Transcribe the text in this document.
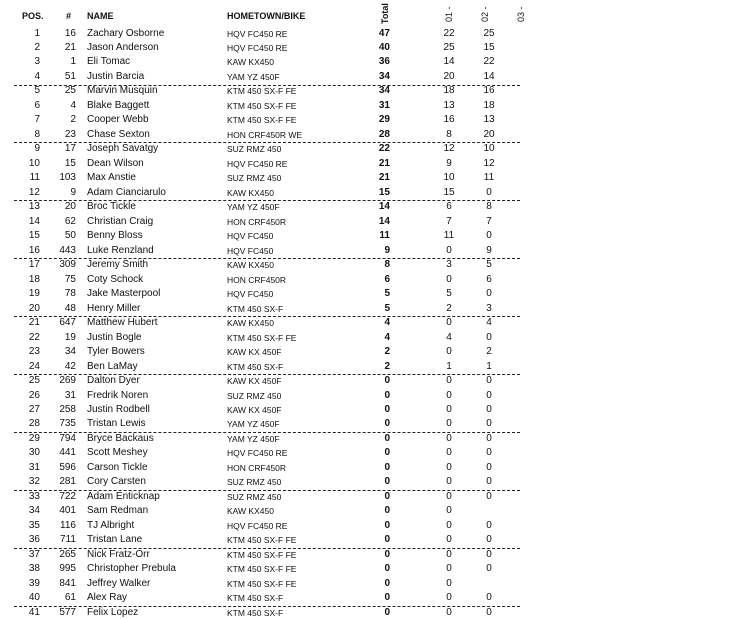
POS. # NAME	HOMETOWN/BIKE	Total	01 -	02 -	03 -
1	16 Zachary Osborne	HQV FC450 RE	47	22	25
2	21 Jason Anderson	HQV FC450 RE	40	25	15
3	1 Eli Tomac	KAW KX450	36	14	22
4	51 Justin Barcia	YAM YZ 450F	34	20	14
5	25 Marvin Musquin	KTM 450 SX-F FE	34	18	16
6	4 Blake Baggett	KTM 450 SX-F FE	31	13	18
7	2 Cooper Webb	KTM 450 SX-F FE	29	16	13
8	23 Chase Sexton	HON CRF450R WE	28	8	20
9	17 Joseph Savatgy	SUZ RMZ 450	22	12	10
10	15 Dean Wilson	HQV FC450 RE	21	9	12
11	103 Max Anstie	SUZ RMZ 450	21	10	11
12	9 Adam Cianciarulo	KAW KX450	15	15	0
13	20 Broc Tickle	YAM YZ 450F	14	6	8
14	62 Christian Craig	HON CRF450R	14	7	7
15	50 Benny Bloss	HQV FC450	11	11	0
16	443 Luke Renzland	HQV FC450	9	0	9
17	309 Jeremy Smith	KAW KX450	8	3	5
18	75 Coty Schock	HON CRF450R	6	0	6
19	78 Jake Masterpool	HQV FC450	5	5	0
20	48 Henry Miller	KTM 450 SX-F	5	2	3
21	647 Matthew Hubert	KAW KX450	4	0	4
22	19 Justin Bogle	KTM 450 SX-F FE	4	4	0
23	34 Tyler Bowers	KAW KX 450F	2	0	2
24	42 Ben LaMay	KTM 450 SX-F	2	1	1
25	269 Dalton Dyer	KAW KX 450F	0	0	0
26	31 Fredrik Noren	SUZ RMZ 450	0	0	0
27	258 Justin Rodbell	KAW KX 450F	0	0	0
28	735 Tristan Lewis	YAM YZ 450F	0	0	0
29	794 Bryce Backaus	YAM YZ 450F	0	0	0
30	441 Scott Meshey	HQV FC450 RE	0	0	0
31	596 Carson Tickle	HON CRF450R	0	0	0
32	281 Cory Carsten	SUZ RMZ 450	0	0	0
33	722 Adam Enticknap	SUZ RMZ 450	0	0	0
34	401 Sam Redman	KAW KX450	0	0
35	116 TJ Albright	HQV FC450 RE	0	0	0
36	711 Tristan Lane	KTM 450 SX-F FE	0	0	0
37	265 Nick Fratz-Orr	KTM 450 SX-F FE	0	0	0
38	995 Christopher Prebula	KTM 450 SX-F FE	0	0	0
39	841 Jeffrey Walker	KTM 450 SX-F FE	0	0
40	61 Alex Ray	KTM 450 SX-F	0	0	0
41	577 Felix Lopez	KTM 450 SX-F	0	0	0
